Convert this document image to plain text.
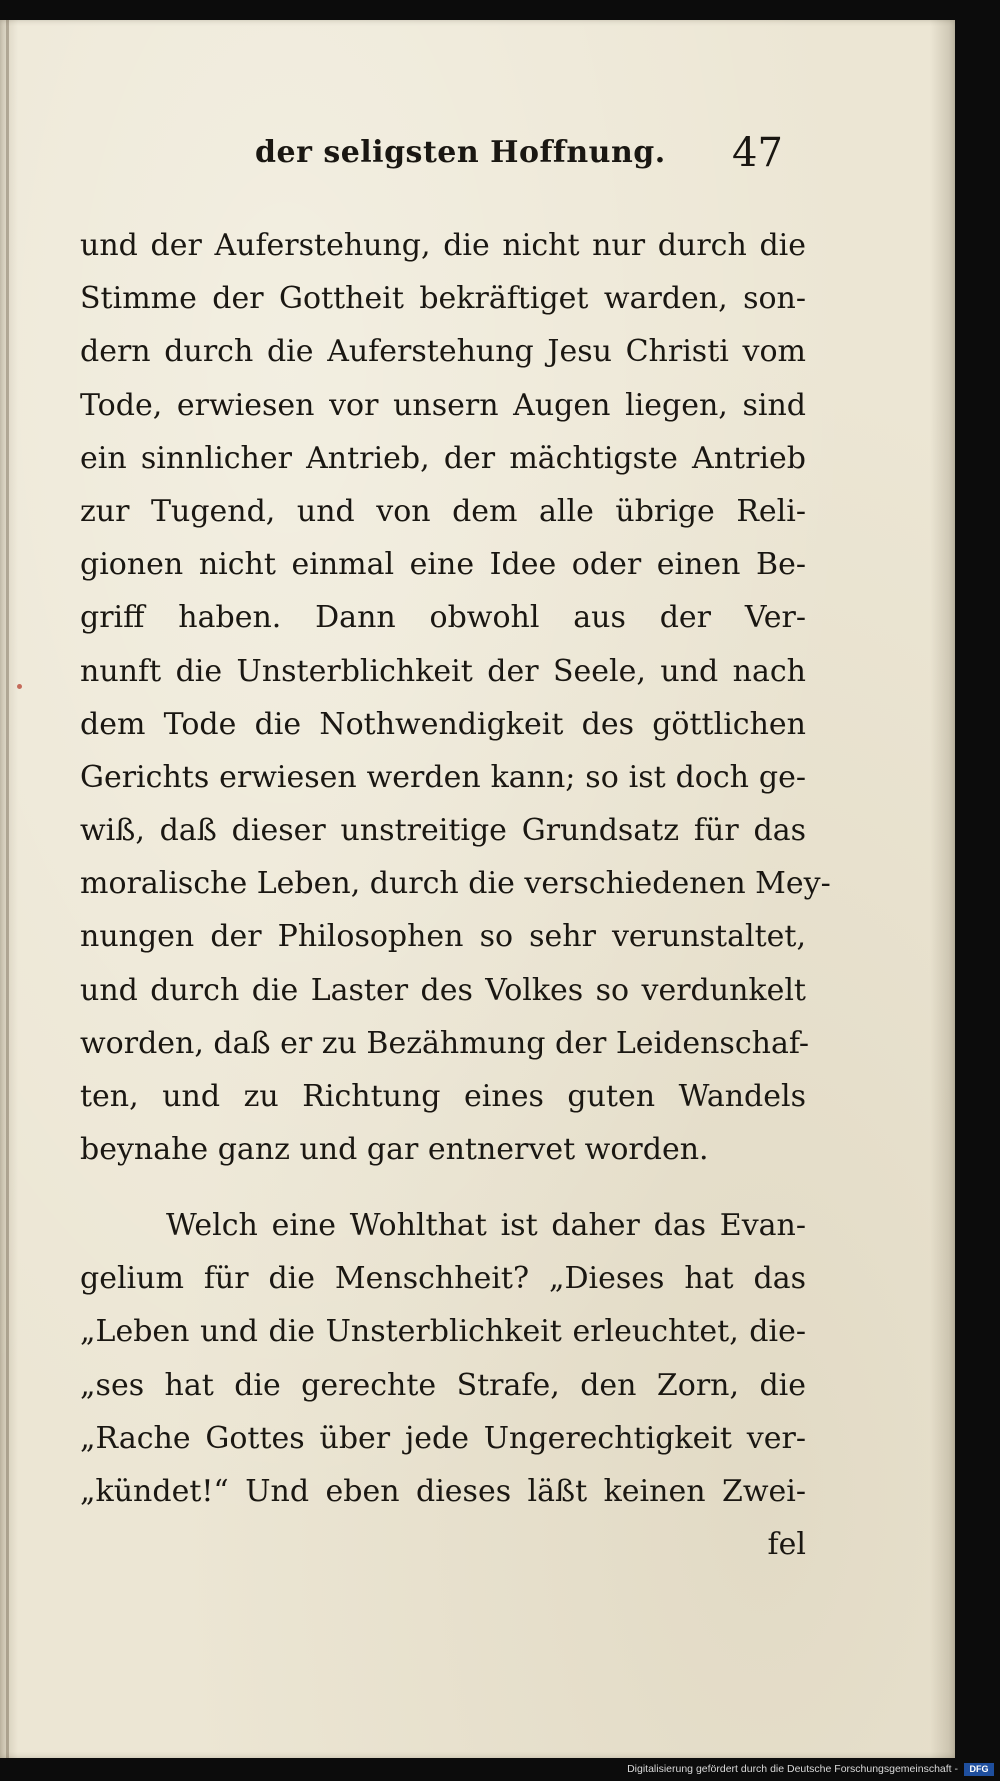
der seligsten Hoffnung. 47
und der Auferstehung, die nicht nur durch die
Stimme der Gottheit bekräftiget warden, son-
dern durch die Auferstehung Jesu Christi vom
Tode, erwiesen vor unsern Augen liegen, sind
ein sinnlicher Antrieb, der mächtigste Antrieb
zur Tugend, und von dem alle übrige Reli-
gionen nicht einmal eine Idee oder einen Be-
griff haben. Dann obwohl aus der Ver-
nunft die Unsterblichkeit der Seele, und nach
dem Tode die Nothwendigkeit des göttlichen
Gerichts erwiesen werden kann; so ist doch ge-
wiß, daß dieser unstreitige Grundsatz für das
moralische Leben, durch die verschiedenen Mey-
nungen der Philosophen so sehr verunstaltet,
und durch die Laster des Volkes so verdunkelt
worden, daß er zu Bezähmung der Leidenschaf-
ten, und zu Richtung eines guten Wandels
beynahe ganz und gar entnervet worden.
Welch eine Wohlthat ist daher das Evan-
gelium für die Menschheit? „Dieses hat das
„Leben und die Unsterblichkeit erleuchtet, die-
„ses hat die gerechte Strafe, den Zorn, die
„Rache Gottes über jede Ungerechtigkeit ver-
„kündet!“ Und eben dieses läßt keinen Zwei-
fel
Digitalisierung gefördert durch die Deutsche Forschungsgemeinschaft -	DFG
